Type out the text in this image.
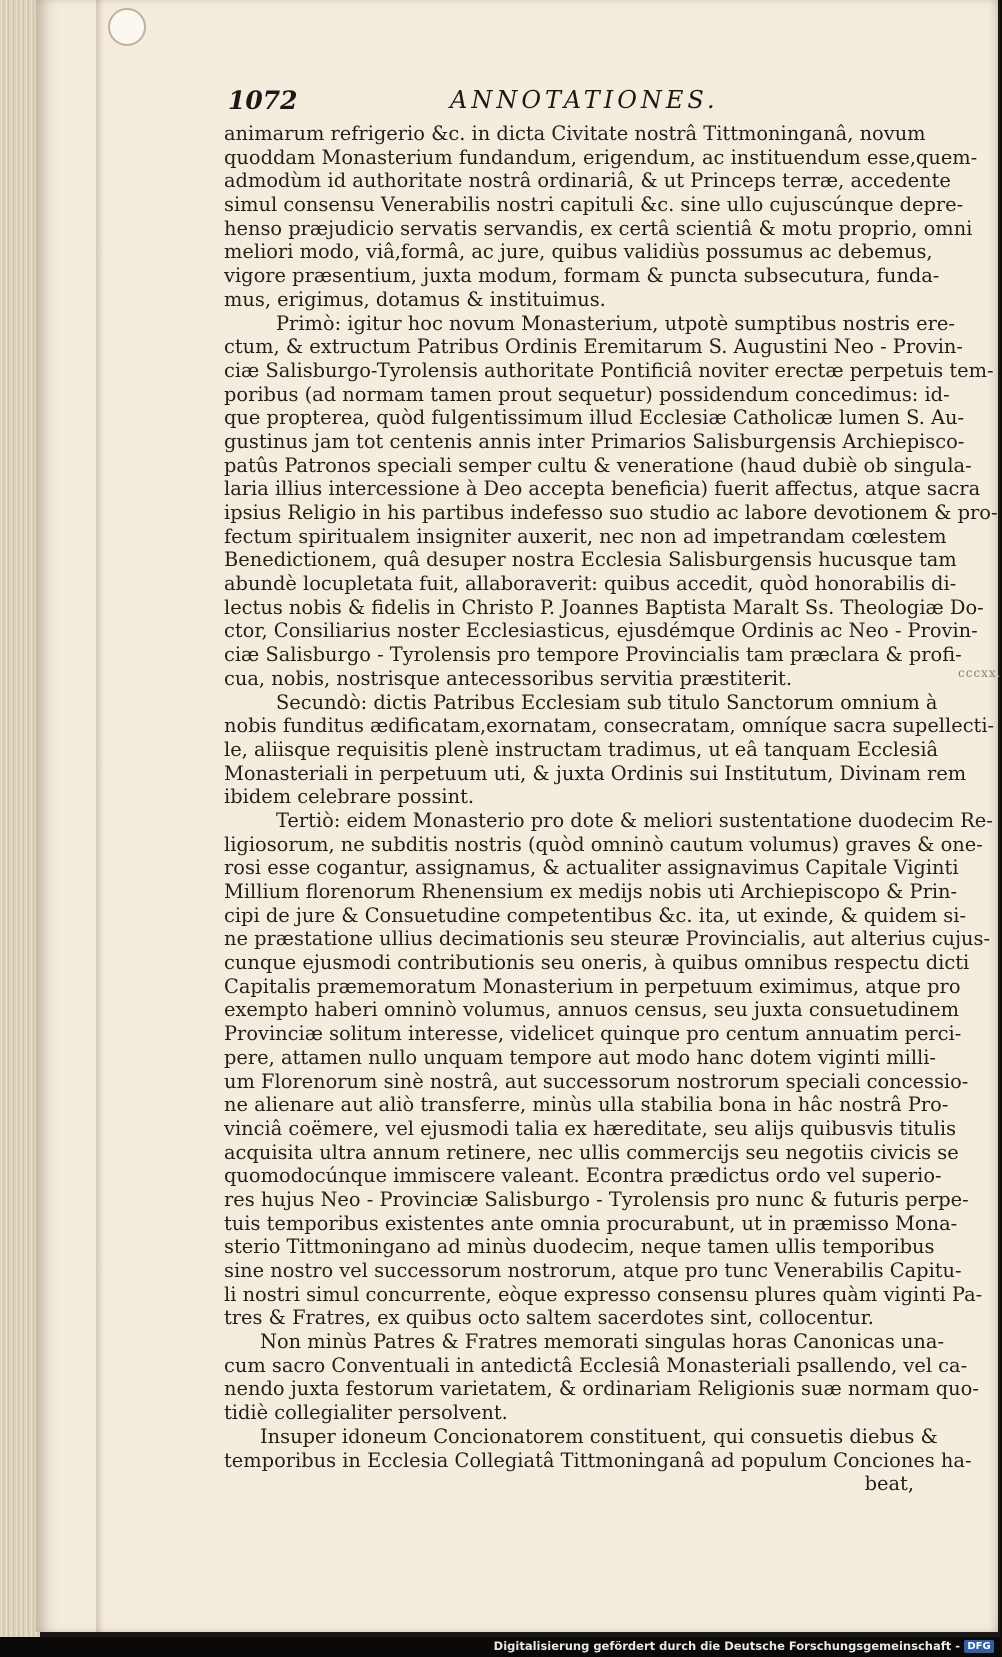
1072	ANNOTATIONES.
cccxx.
animarum refrigerio &c. in dicta Civitate nostrâ Tittmoninganâ, novum
quoddam Monasterium fundandum, erigendum, ac instituendum esse,quem-
admodùm id authoritate nostrâ ordinariâ, & ut Princeps terræ, accedente
simul consensu Venerabilis nostri capituli &c. sine ullo cujuscúnque depre-
henso præjudicio servatis servandis, ex certâ scientiâ & motu proprio, omni
meliori modo, viâ,formâ, ac jure, quibus validiùs possumus ac debemus,
vigore præsentium, juxta modum, formam & puncta subsecutura, funda-
mus, erigimus, dotamus & instituimus.
Primò: igitur hoc novum Monasterium, utpotè sumptibus nostris ere-
ctum, & extructum Patribus Ordinis Eremitarum S. Augustini Neo - Provin-
ciæ Salisburgo-Tyrolensis authoritate Pontificiâ noviter erectæ perpetuis tem-
poribus (ad normam tamen prout sequetur) possidendum concedimus: id-
que propterea, quòd fulgentissimum illud Ecclesiæ Catholicæ lumen S. Au-
gustinus jam tot centenis annis inter Primarios Salisburgensis Archiepisco-
patûs Patronos speciali semper cultu & veneratione (haud dubiè ob singula-
laria illius intercessione à Deo accepta beneficia) fuerit affectus, atque sacra
ipsius Religio in his partibus indefesso suo studio ac labore devotionem & pro-
fectum spiritualem insigniter auxerit, nec non ad impetrandam cœlestem
Benedictionem, quâ desuper nostra Ecclesia Salisburgensis hucusque tam
abundè locupletata fuit, allaboraverit: quibus accedit, quòd honorabilis di-
lectus nobis & fidelis in Christo P. Joannes Baptista Maralt Ss. Theologiæ Do-
ctor, Consiliarius noster Ecclesiasticus, ejusdémque Ordinis ac Neo - Provin-
ciæ Salisburgo - Tyrolensis pro tempore Provincialis tam præclara & profi-
cua, nobis, nostrisque antecessoribus servitia præstiterit.
Secundò: dictis Patribus Ecclesiam sub titulo Sanctorum omnium à
nobis funditus ædificatam,exornatam, consecratam, omníque sacra supellecti-
le, aliisque requisitis plenè instructam tradimus, ut eâ tanquam Ecclesiâ
Monasteriali in perpetuum uti, & juxta Ordinis sui Institutum, Divinam rem
ibidem celebrare possint.
Tertiò: eidem Monasterio pro dote & meliori sustentatione duodecim Re-
ligiosorum, ne subditis nostris (quòd omninò cautum volumus) graves & one-
rosi esse cogantur, assignamus, & actualiter assignavimus Capitale Viginti
Millium florenorum Rhenensium ex medijs nobis uti Archiepiscopo & Prin-
cipi de jure & Consuetudine competentibus &c. ita, ut exinde, & quidem si-
ne præstatione ullius decimationis seu steuræ Provincialis, aut alterius cujus-
cunque ejusmodi contributionis seu oneris, à quibus omnibus respectu dicti
Capitalis præmemoratum Monasterium in perpetuum eximimus, atque pro
exempto haberi omninò volumus, annuos census, seu juxta consuetudinem
Provinciæ solitum interesse, videlicet quinque pro centum annuatim perci-
pere, attamen nullo unquam tempore aut modo hanc dotem viginti milli-
um Florenorum sinè nostrâ, aut successorum nostrorum speciali concessio-
ne alienare aut aliò transferre, minùs ulla stabilia bona in hâc nostrâ Pro-
vinciâ coëmere, vel ejusmodi talia ex hæreditate, seu alijs quibusvis titulis
acquisita ultra annum retinere, nec ullis commercijs seu negotiis civicis se
quomodocúnque immiscere valeant. Econtra prædictus ordo vel superio-
res hujus Neo - Provinciæ Salisburgo - Tyrolensis pro nunc & futuris perpe-
tuis temporibus existentes ante omnia procurabunt, ut in præmisso Mona-
sterio Tittmoningano ad minùs duodecim, neque tamen ullis temporibus
sine nostro vel successorum nostrorum, atque pro tunc Venerabilis Capitu-
li nostri simul concurrente, eòque expresso consensu plures quàm viginti Pa-
tres & Fratres, ex quibus octo saltem sacerdotes sint, collocentur.
Non minùs Patres & Fratres memorati singulas horas Canonicas una-
cum sacro Conventuali in antedictâ Ecclesiâ Monasteriali psallendo, vel ca-
nendo juxta festorum varietatem, & ordinariam Religionis suæ normam quo-
tidiè collegialiter persolvent.
Insuper idoneum Concionatorem constituent, qui consuetis diebus &
temporibus in Ecclesia Collegiatâ Tittmoninganâ ad populum Conciones ha-
beat,
Digitalisierung gefördert durch die Deutsche Forschungsgemeinschaft - DFG
